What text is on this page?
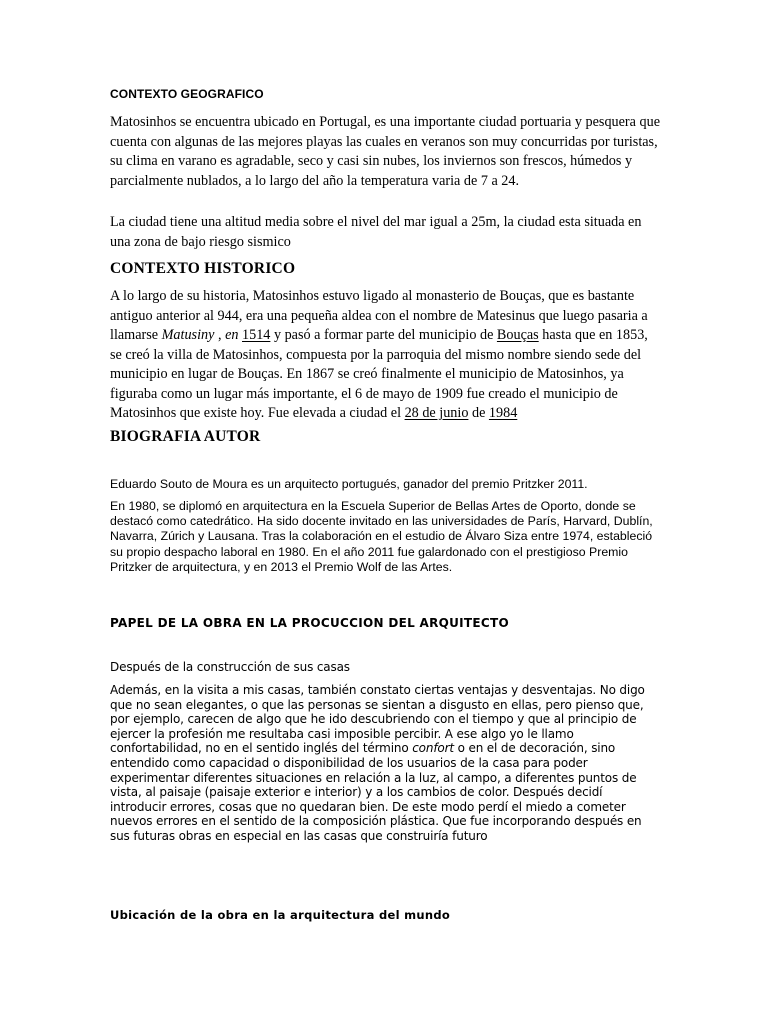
CONTEXTO GEOGRAFICO

Matosinhos se encuentra ubicado en Portugal, es una importante ciudad portuaria y pesquera que cuenta con algunas de las mejores playas las cuales en veranos son muy concurridas por turistas, su clima en varano es agradable, seco y casi sin nubes, los inviernos son frescos, húmedos y parcialmente nublados, a lo largo del año la temperatura varia de 7 a 24.

La ciudad tiene una altitud media sobre el nivel del mar igual a 25m, la ciudad esta situada en una zona de bajo riesgo sismico

CONTEXTO HISTORICO

A lo largo de su historia, Matosinhos estuvo ligado al monasterio de Bouças, que es bastante antiguo anterior al 944, era una pequeña aldea con el nombre de Matesinus que luego pasaria a llamarse Matusiny , en 1514 y pasó a formar parte del municipio de Bouças hasta que en 1853, se creó la villa de Matosinhos, compuesta por la parroquia del mismo nombre siendo sede del municipio en lugar de Bouças. En 1867 se creó finalmente el municipio de Matosinhos, ya figuraba como un lugar más importante, el 6 de mayo de 1909 fue creado el municipio de Matosinhos que existe hoy. Fue elevada a ciudad el 28 de junio de 1984

BIOGRAFIA AUTOR

Eduardo Souto de Moura es un arquitecto portugués, ganador del premio Pritzker 2011.

En 1980, se diplomó en arquitectura en la Escuela Superior de Bellas Artes de Oporto, donde se destacó como catedrático. Ha sido docente invitado en las universidades de París, Harvard, Dublín, Navarra, Zúrich y Lausana. Tras la colaboración en el estudio de Álvaro Siza entre 1974, estableció su propio despacho laboral en 1980. En el año 2011 fue galardonado con el prestigioso Premio Pritzker de arquitectura, y en 2013 el Premio Wolf de las Artes.

PAPEL DE LA OBRA EN LA PROCUCCION DEL ARQUITECTO

Después de la construcción de sus casas

Además, en la visita a mis casas, también constato ciertas ventajas y desventajas. No digo que no sean elegantes, o que las personas se sientan a disgusto en ellas, pero pienso que, por ejemplo, carecen de algo que he ido descubriendo con el tiempo y que al principio de ejercer la profesión me resultaba casi imposible percibir. A ese algo yo le llamo confortabilidad, no en el sentido inglés del término confort o en el de decoración, sino entendido como capacidad o disponibilidad de los usuarios de la casa para poder experimentar diferentes situaciones en relación a la luz, al campo, a diferentes puntos de vista, al paisaje (paisaje exterior e interior) y a los cambios de color. Después decidí introducir errores, cosas que no quedaran bien. De este modo perdí el miedo a cometer nuevos errores en el sentido de la composición plástica. Que fue incorporando después en sus futuras obras en especial en las casas que construiría futuro

Ubicación de la obra en la arquitectura del mundo
